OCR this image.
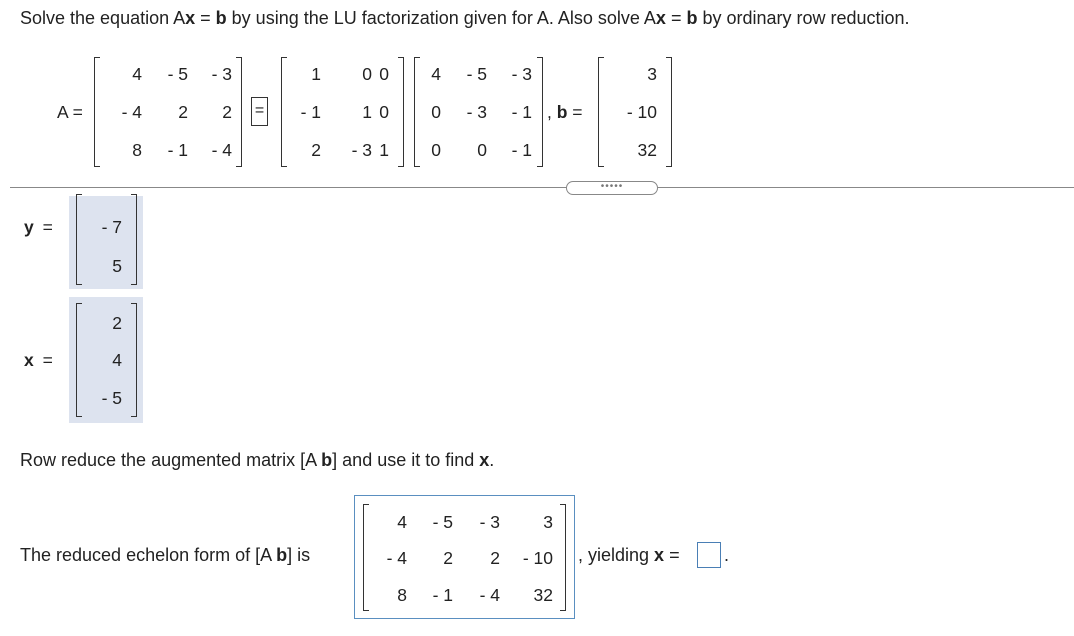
Solve the equation Ax = b by using the LU factorization given for A. Also solve Ax = b by ordinary row reduction.
A =
4 - 5 - 3
- 4 2 2
8 - 1 - 4
=
1 0 0
- 1 1 0
2 - 3 1
4 - 5 - 3
0 - 3 - 1
0 0 - 1
, b =
3
- 10
32
•••••
y =	- 7
5
x =
2
4
- 5
Row reduce the augmented matrix [A b] and use it to find x.
The reduced echelon form of [A b] is
4 - 5 - 3 3
- 4 2 2 - 10
8 - 1 - 4 32
, yielding x = .
